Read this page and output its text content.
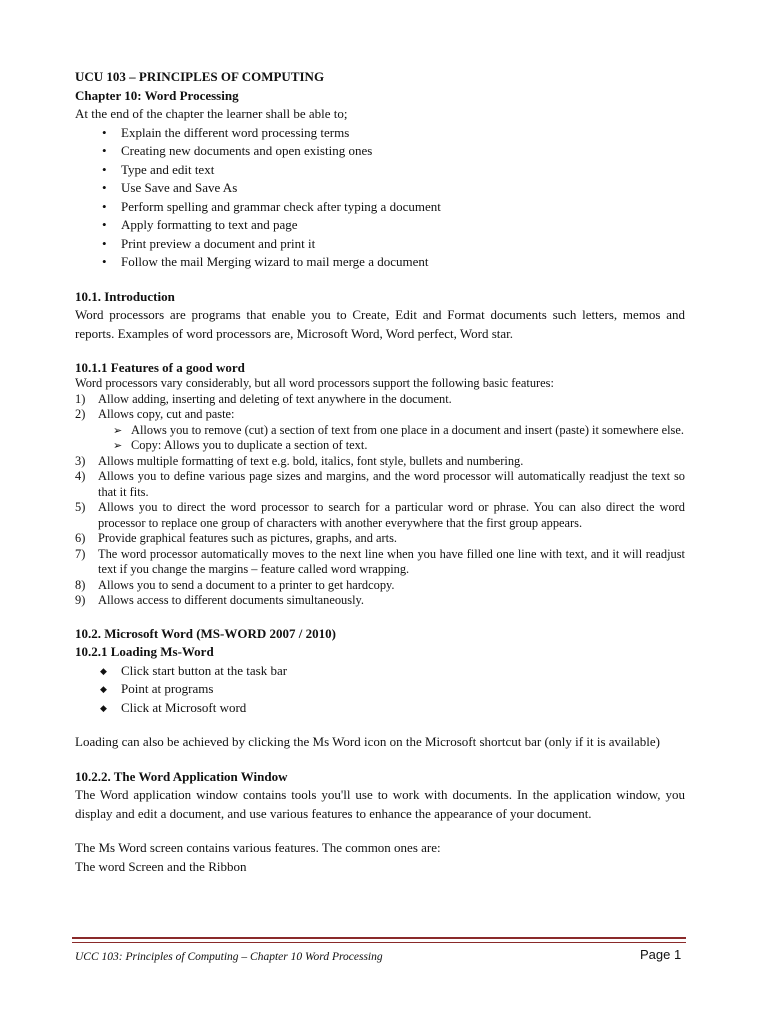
UCU 103 – PRINCIPLES OF COMPUTING

Chapter 10: Word Processing

At the end of the chapter the learner shall be able to;

• Explain the different word processing terms
• Creating new documents and open existing ones
• Type and edit text
• Use Save and Save As
• Perform spelling and grammar check after typing a document
• Apply formatting to text and page
• Print preview a document and print it
• Follow the mail Merging wizard to mail merge a document

10.1. Introduction

Word processors are programs that enable you to Create, Edit and Format documents such letters, memos and reports. Examples of word processors are, Microsoft Word, Word perfect, Word star.

10.1.1 Features of a good word

Word processors vary considerably, but all word processors support the following basic features:

1) Allow adding, inserting and deleting of text anywhere in the document.
2) Allows copy, cut and paste:
➢ Allows you to remove (cut) a section of text from one place in a document and insert (paste) it somewhere else.
➢ Copy: Allows you to duplicate a section of text.
3) Allows multiple formatting of text e.g. bold, italics, font style, bullets and numbering.
4) Allows you to define various page sizes and margins, and the word processor will automatically readjust the text so that it fits.
5) Allows you to direct the word processor to search for a particular word or phrase. You can also direct the word processor to replace one group of characters with another everywhere that the first group appears.
6) Provide graphical features such as pictures, graphs, and arts.
7) The word processor automatically moves to the next line when you have filled one line with text, and it will readjust text if you change the margins – feature called word wrapping.
8) Allows you to send a document to a printer to get hardcopy.
9) Allows access to different documents simultaneously.

10.2. Microsoft Word (MS-WORD 2007 / 2010)

10.2.1 Loading Ms-Word

◆ Click start button at the task bar
◆ Point at programs
◆ Click at Microsoft word

Loading can also be achieved by clicking the Ms Word icon on the Microsoft shortcut bar (only if it is available)

10.2.2. The Word Application Window

The Word application window contains tools you'll use to work with documents. In the application window, you display and edit a document, and use various features to enhance the appearance of your document.

The Ms Word screen contains various features. The common ones are:

The word Screen and the Ribbon

UCC 103: Principles of Computing – Chapter 10 Word Processing	Page 1
